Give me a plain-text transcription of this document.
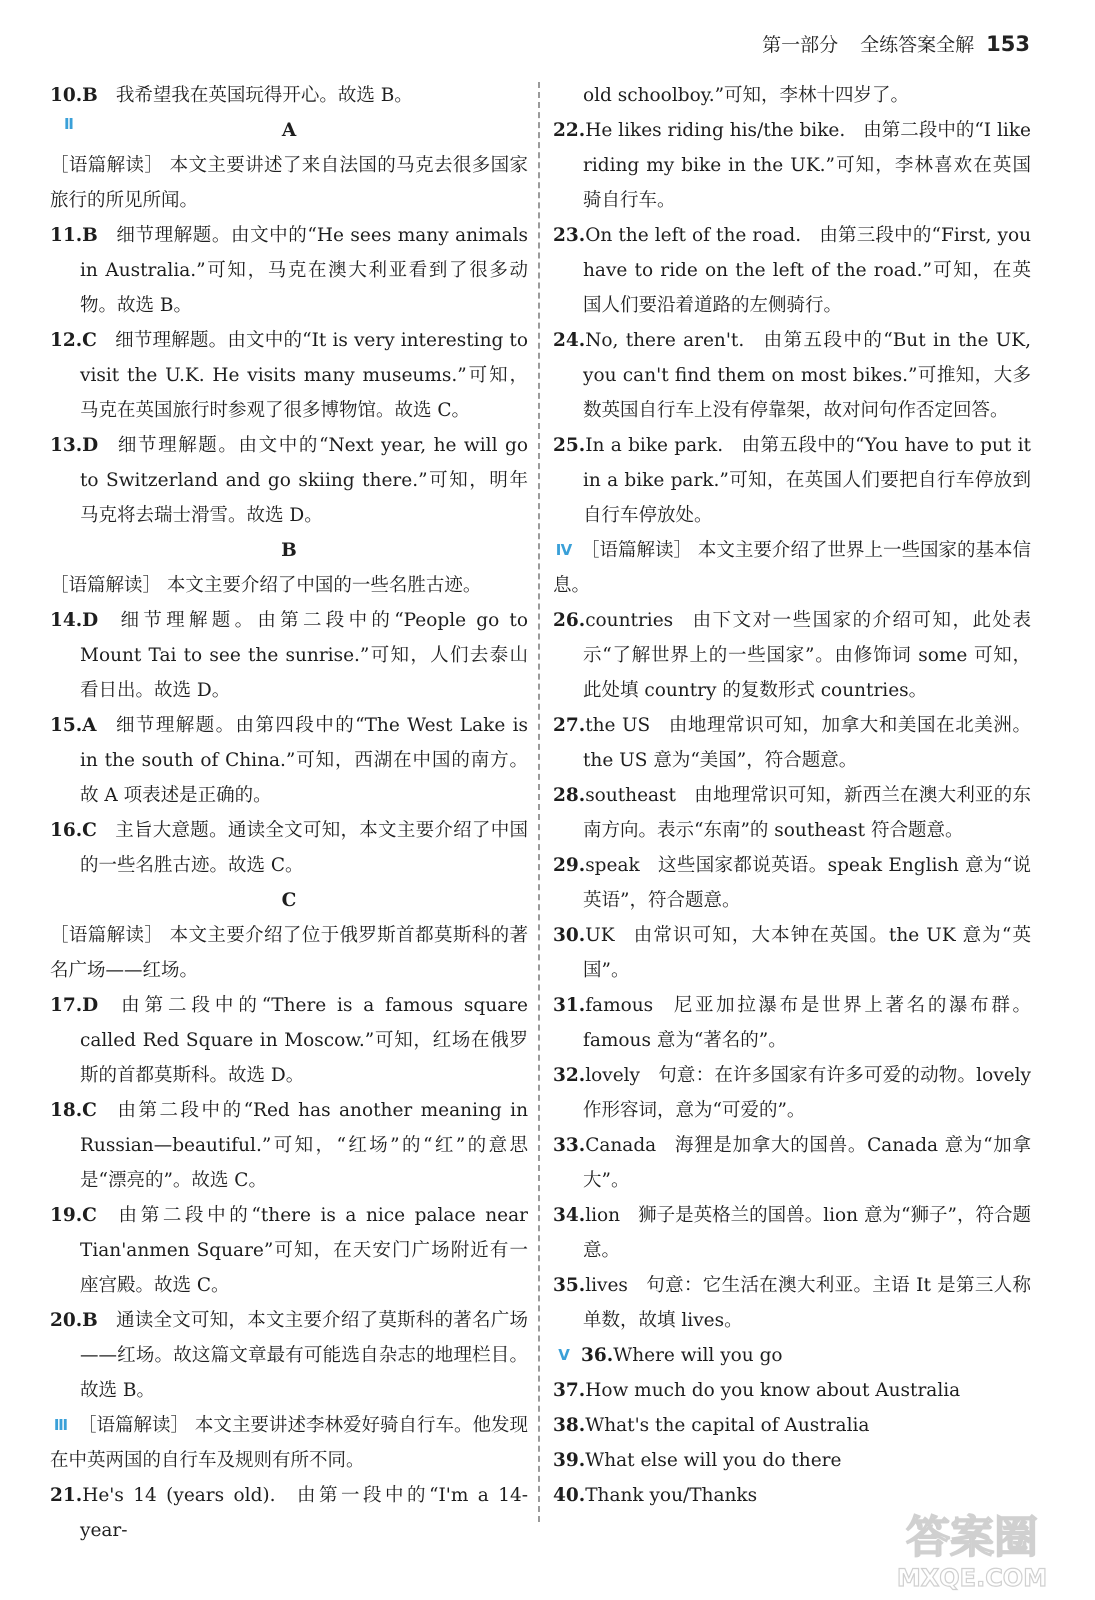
第一部分 全练答案全解 153
10.B 我希望我在英国玩得开心。故选 B。
Ⅱ	A
［语篇解读］ 本文主要讲述了来自法国的马克去很多国家旅行的所见所闻。
11.B 细节理解题。由文中的“He sees many animals in Australia.”可知，马克在澳大利亚看到了很多动物。故选 B。
12.C 细节理解题。由文中的“It is very interesting to visit the U.K. He visits many museums.”可知，马克在英国旅行时参观了很多博物馆。故选 C。
13.D 细节理解题。由文中的“Next year, he will go to Switzerland and go skiing there.”可知，明年马克将去瑞士滑雪。故选 D。
B
［语篇解读］ 本文主要介绍了中国的一些名胜古迹。
14.D 细节理解题。由第二段中的“People go to Mount Tai to see the sunrise.”可知，人们去泰山看日出。故选 D。
15.A 细节理解题。由第四段中的“The West Lake is in the south of China.”可知，西湖在中国的南方。故 A 项表述是正确的。
16.C 主旨大意题。通读全文可知，本文主要介绍了中国的一些名胜古迹。故选 C。
C
［语篇解读］ 本文主要介绍了位于俄罗斯首都莫斯科的著名广场——红场。
17.D 由第二段中的“There is a famous square called Red Square in Moscow.”可知，红场在俄罗斯的首都莫斯科。故选 D。
18.C 由第二段中的“Red has another meaning in Russian—beautiful.”可知，“红场”的“红”的意思是“漂亮的”。故选 C。
19.C 由第二段中的“there is a nice palace near Tian'anmen Square”可知，在天安门广场附近有一座宫殿。故选 C。
20.B 通读全文可知，本文主要介绍了莫斯科的著名广场——红场。故这篇文章最有可能选自杂志的地理栏目。故选 B。
Ⅲ ［语篇解读］ 本文主要讲述李林爱好骑自行车。他发现在中英两国的自行车及规则有所不同。
21.He's 14 (years old). 由第一段中的“I'm a 14-year-
old schoolboy.”可知，李林十四岁了。
22.He likes riding his/the bike. 由第二段中的“I like riding my bike in the UK.”可知，李林喜欢在英国骑自行车。
23.On the left of the road. 由第三段中的“First, you have to ride on the left of the road.”可知，在英国人们要沿着道路的左侧骑行。
24.No, there aren't. 由第五段中的“But in the UK, you can't find them on most bikes.”可推知，大多数英国自行车上没有停靠架，故对问句作否定回答。
25.In a bike park. 由第五段中的“You have to put it in a bike park.”可知，在英国人们要把自行车停放到自行车停放处。
Ⅳ ［语篇解读］ 本文主要介绍了世界上一些国家的基本信息。
26.countries 由下文对一些国家的介绍可知，此处表示“了解世界上的一些国家”。由修饰词 some 可知，此处填 country 的复数形式 countries。
27.the US 由地理常识可知，加拿大和美国在北美洲。the US 意为“美国”，符合题意。
28.southeast 由地理常识可知，新西兰在澳大利亚的东南方向。表示“东南”的 southeast 符合题意。
29.speak 这些国家都说英语。speak English 意为“说英语”，符合题意。
30.UK 由常识可知，大本钟在英国。the UK 意为“英国”。
31.famous 尼亚加拉瀑布是世界上著名的瀑布群。famous 意为“著名的”。
32.lovely 句意：在许多国家有许多可爱的动物。lovely 作形容词，意为“可爱的”。
33.Canada 海狸是加拿大的国兽。Canada 意为“加拿大”。
34.lion 狮子是英格兰的国兽。lion 意为“狮子”，符合题意。
35.lives 句意：它生活在澳大利亚。主语 It 是第三人称单数，故填 lives。
Ⅴ 36.Where will you go
37.How much do you know about Australia
38.What's the capital of Australia
39.What else will you do there
40.Thank you/Thanks
答案圈
MXQE.COM
